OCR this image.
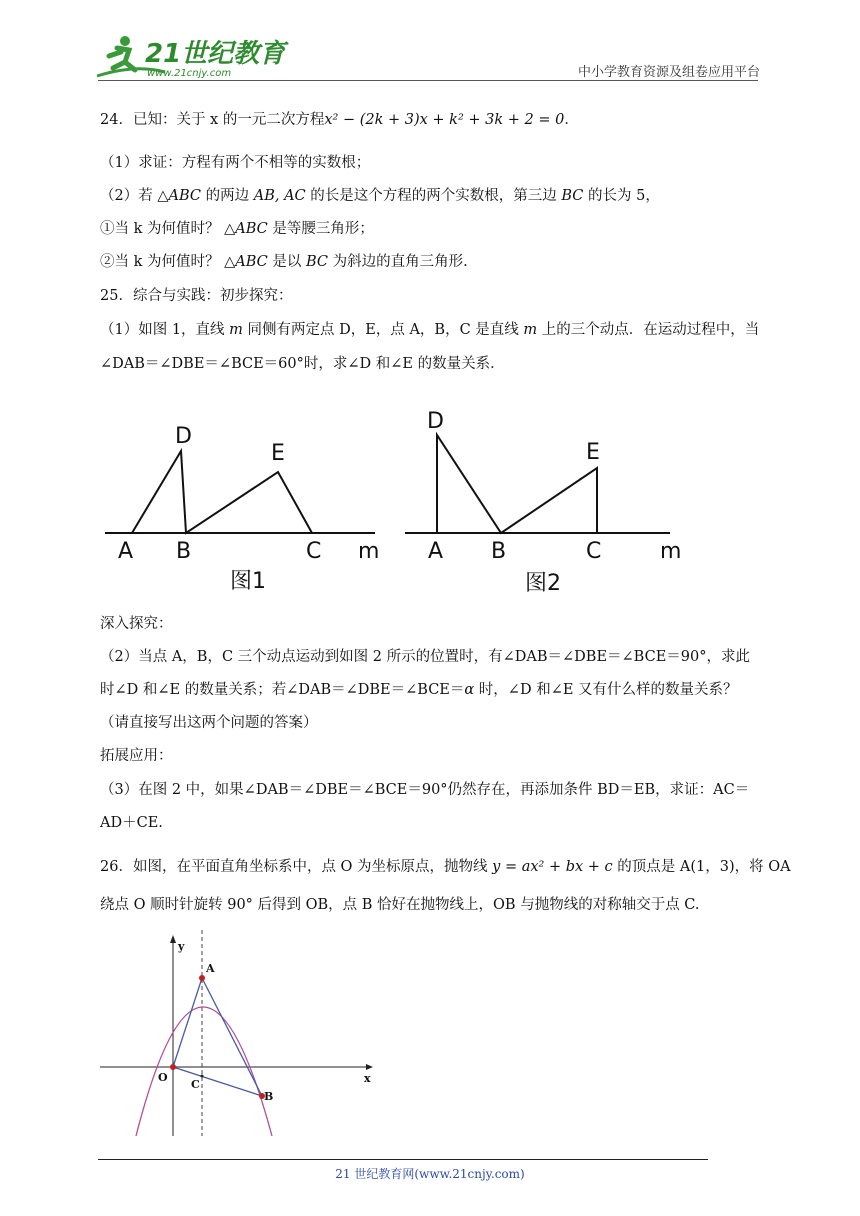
21世纪教育
www.21cnjy.com	中小学教育资源及组卷应用平台
24．已知：关于 x 的一元二次方程x² − (2k + 3)x + k² + 3k + 2 = 0．
（1）求证：方程有两个不相等的实数根；
（2）若 △ABC 的两边 AB, AC 的长是这个方程的两个实数根，第三边 BC 的长为 5，
①当 k 为何值时？ △ABC 是等腰三角形；
②当 k 为何值时？ △ABC 是以 BC 为斜边的直角三角形.
25．综合与实践：初步探究：
（1）如图 1，直线 m 同侧有两定点 D，E，点 A，B，C 是直线 m 上的三个动点．在运动过程中，当
∠DAB＝∠DBE＝∠BCE＝60°时，求∠D 和∠E 的数量关系．
A B	C m
D
E
图1
A B	C	m
D
E
图2
深入探究：
（2）当点 A，B，C 三个动点运动到如图 2 所示的位置时，有∠DAB＝∠DBE＝∠BCE＝90°，求此
时∠D 和∠E 的数量关系；若∠DAB＝∠DBE＝∠BCE＝α 时，∠D 和∠E 又有什么样的数量关系？
（请直接写出这两个问题的答案）
拓展应用：
（3）在图 2 中，如果∠DAB＝∠DBE＝∠BCE＝90°仍然存在，再添加条件 BD＝EB，求证：AC＝
AD＋CE.
26．如图，在平面直角坐标系中，点 O 为坐标原点，抛物线 y = ax² + bx + c 的顶点是 A(1，3)，将 OA
绕点 O 顺时针旋转 90° 后得到 OB，点 B 恰好在抛物线上，OB 与抛物线的对称轴交于点 C.
y
x
O
A
B
C
21 世纪教育网(www.21cnjy.com)
